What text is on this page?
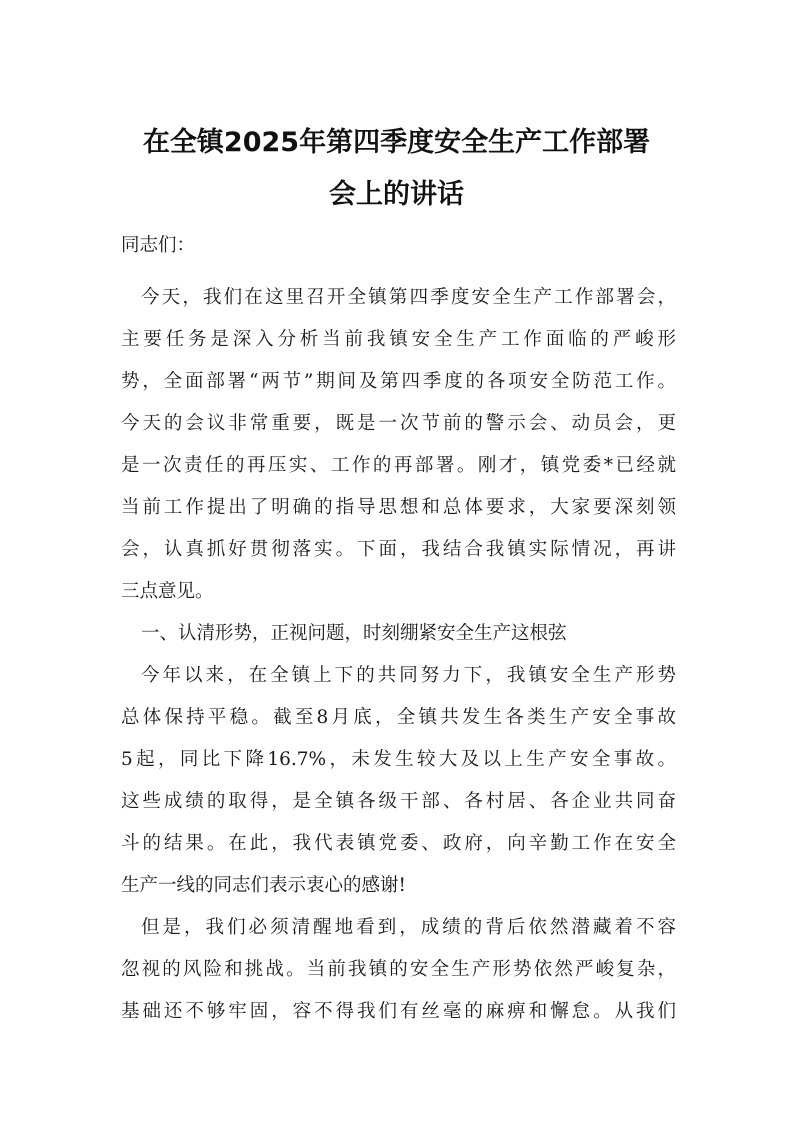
在全镇2025年第四季度安全生产工作部署
会上的讲话

同志们：

今天，我们在这里召开全镇第四季度安全生产工作部署会，

主要任务是深入分析当前我镇安全生产工作面临的严峻形

势，全面部署“两节”期间及第四季度的各项安全防范工作。

今天的会议非常重要，既是一次节前的警示会、动员会，更

是一次责任的再压实、工作的再部署。刚才，镇党委*已经就

当前工作提出了明确的指导思想和总体要求，大家要深刻领

会，认真抓好贯彻落实。下面，我结合我镇实际情况，再讲

三点意见。

一、认清形势，正视问题，时刻绷紧安全生产这根弦

今年以来，在全镇上下的共同努力下，我镇安全生产形势

总体保持平稳。截至8月底，全镇共发生各类生产安全事故

5起，同比下降16.7%，未发生较大及以上生产安全事故。

这些成绩的取得，是全镇各级干部、各村居、各企业共同奋

斗的结果。在此，我代表镇党委、政府，向辛勤工作在安全

生产一线的同志们表示衷心的感谢!

但是，我们必须清醒地看到，成绩的背后依然潜藏着不容

忽视的风险和挑战。当前我镇的安全生产形势依然严峻复杂，

基础还不够牢固，容不得我们有丝毫的麻痹和懈怠。从我们
